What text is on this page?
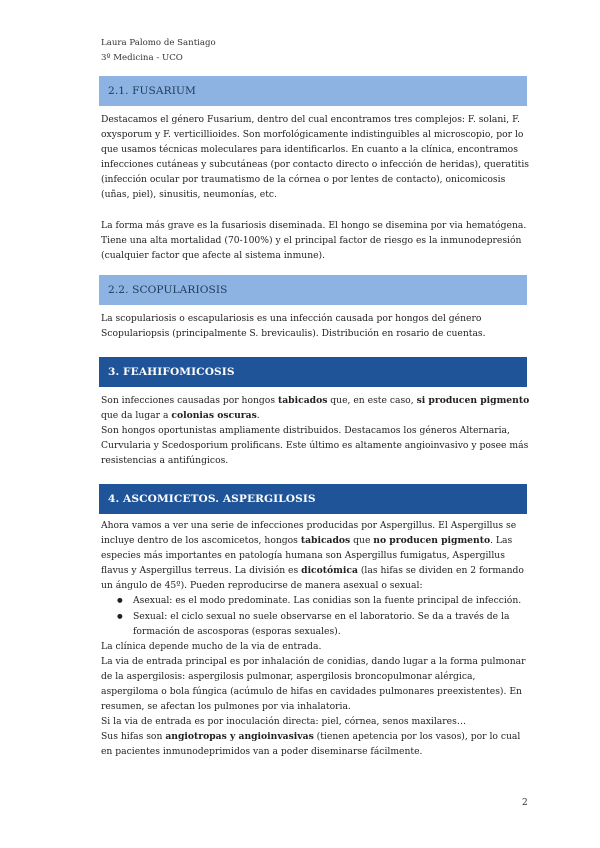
Laura Palomo de Santiago
3º Medicina - UCO
2.1. FUSARIUM

Destacamos el género Fusarium, dentro del cual encontramos tres complejos: F. solani, F. oxysporum y F. verticillioides. Son morfológicamente indistinguibles al microscopio, por lo que usamos técnicas moleculares para identificarlos. En cuanto a la clínica, encontramos infecciones cutáneas y subcutáneas (por contacto directo o infección de heridas), queratitis (infección ocular por traumatismo de la córnea o por lentes de contacto), onicomicosis (uñas, piel), sinusitis, neumonías, etc.

La forma más grave es la fusariosis diseminada. El hongo se disemina por via hematógena. Tiene una alta mortalidad (70-100%) y el principal factor de riesgo es la inmunodepresión (cualquier factor que afecte al sistema inmune).

2.2. SCOPULARIOSIS

La scopulariosis o escapulariosis es una infección causada por hongos del género Scopulariopsis (principalmente S. brevicaulis). Distribución en rosario de cuentas.

3. FEAHIFOMICOSIS

Son infecciones causadas por hongos tabicados que, en este caso, si producen pigmento que da lugar a colonias oscuras.

Son hongos oportunistas ampliamente distribuidos. Destacamos los géneros Alternaria, Curvularia y Scedosporium prolificans. Este último es altamente angioinvasivo y posee más resistencias a antifúngicos.

4. ASCOMICETOS. ASPERGILOSIS

Ahora vamos a ver una serie de infecciones producidas por Aspergillus. El Aspergillus se incluye dentro de los ascomicetos, hongos tabicados que no producen pigmento. Las especies más importantes en patología humana son Aspergillus fumigatus, Aspergillus flavus y Aspergillus terreus. La división es dicotómica (las hifas se dividen en 2 formando un ángulo de 45º). Pueden reproducirse de manera asexual o sexual:

● Asexual: es el modo predominate. Las conidias son la fuente principal de infección.
● Sexual: el ciclo sexual no suele observarse en el laboratorio. Se da a través de la formación de ascosporas (esporas sexuales).

La clínica depende mucho de la via de entrada.

La via de entrada principal es por inhalación de conidias, dando lugar a la forma pulmonar de la aspergilosis: aspergilosis pulmonar, aspergilosis broncopulmonar alérgica, aspergiloma o bola fúngica (acúmulo de hifas en cavidades pulmonares preexistentes). En resumen, se afectan los pulmones por via inhalatoria.

Si la via de entrada es por inoculación directa: piel, córnea, senos maxilares…

Sus hifas son angiotropas y angioinvasivas (tienen apetencia por los vasos), por lo cual en pacientes inmunodeprimidos van a poder diseminarse fácilmente.

2
